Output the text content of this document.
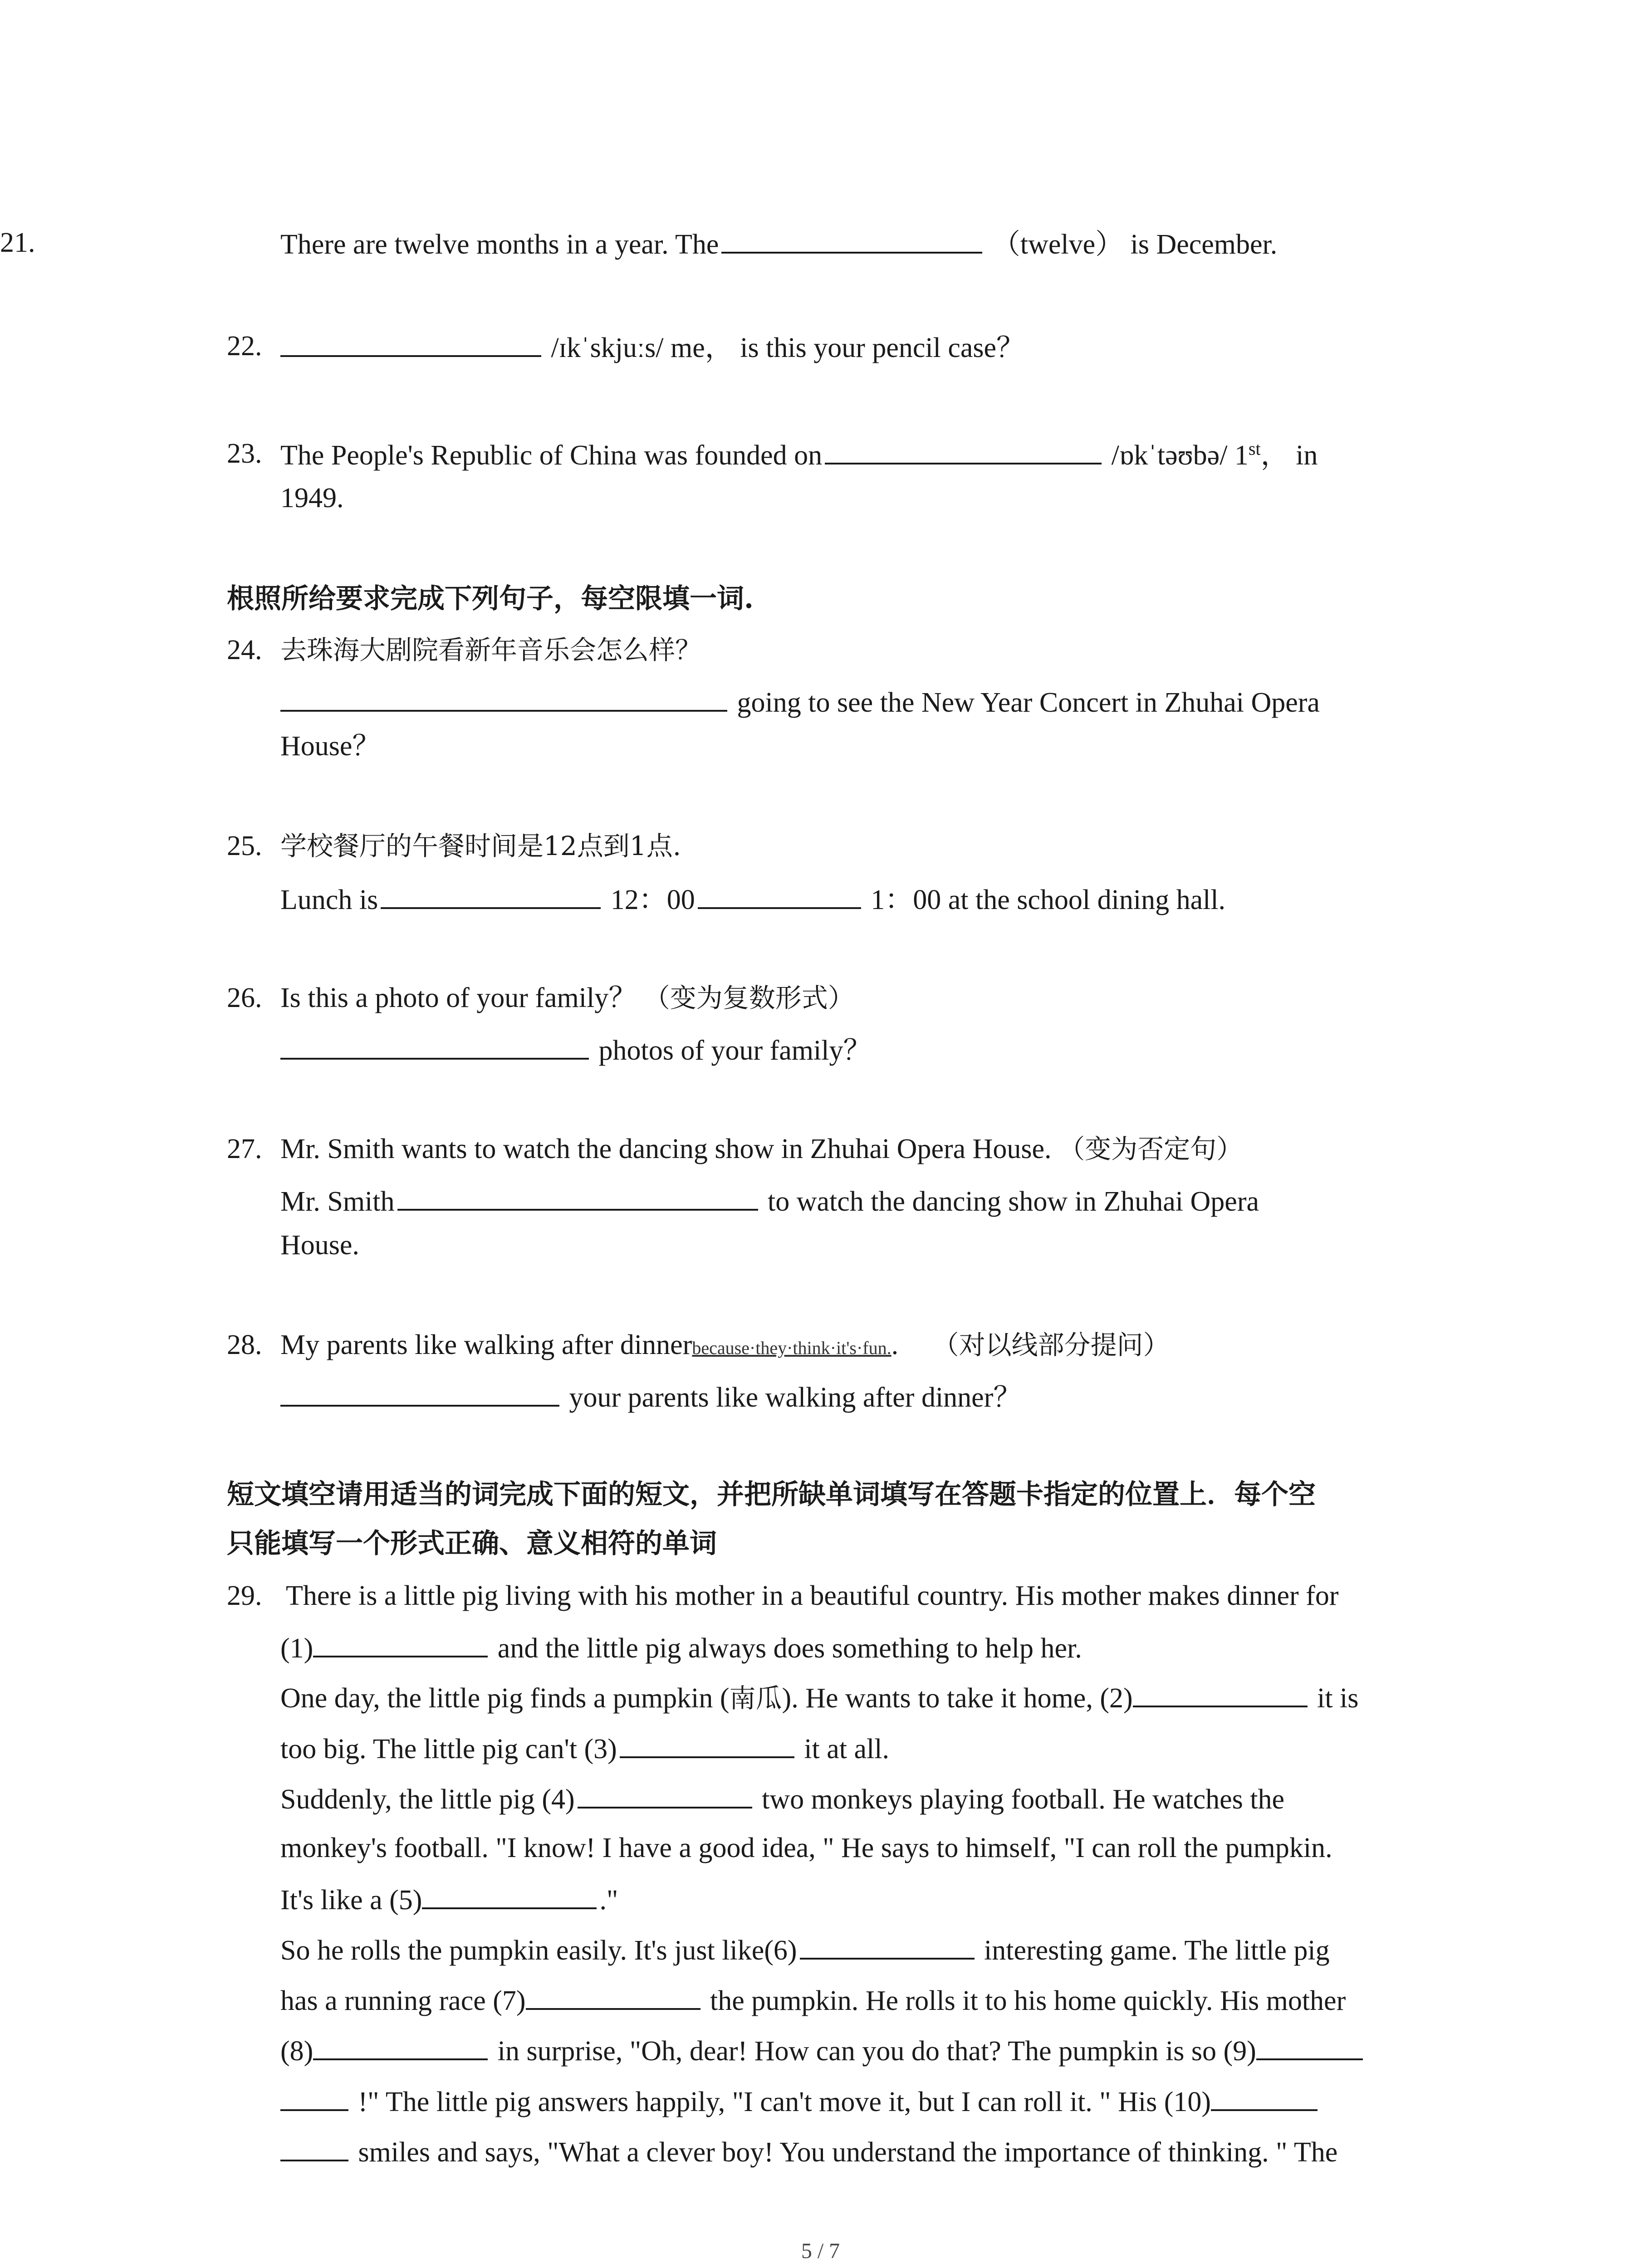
21.	There are twelve months in a year. The	（twelve） is December.
22.	/ɪkˈskjuːs/ me， is this your pencil case？
23. The People's Republic of China was founded on	/ɒkˈtəʊbə/ 1st， in
1949.
根照所给要求完成下列句子，每空限填一词.
24. 去珠海大剧院看新年音乐会怎么样？
going to see the New Year Concert in Zhuhai Opera
House？
25. 学校餐厅的午餐时间是12点到1点.
Lunch is	12：00	1：00 at the school dining hall.
26. Is this a photo of your family？ （变为复数形式）
photos of your family？
27. Mr. Smith wants to watch the dancing show in Zhuhai Opera House. （变为否定句）
Mr. Smith	to watch the dancing show in Zhuhai Opera
House.
28. My parents like walking after dinnerbecause·they·think·it's·fun.. （对以线部分提问）
your parents like walking after dinner？
短文填空请用适当的词完成下面的短文，并把所缺单词填写在答题卡指定的位置上．每个空
只能填写一个形式正确、意义相符的单词
29. There is a little pig living with his mother in a beautiful country. His mother makes dinner for
(1)	and the little pig always does something to help her.
One day, the little pig finds a pumpkin (南瓜). He wants to take it home, (2)	it is
too big. The little pig can't (3)	it at all.
Suddenly, the little pig (4)	two monkeys playing football. He watches the
monkey's football. "I know! I have a good idea, " He says to himself, "I can roll the pumpkin.
It's like a (5)	."
So he rolls the pumpkin easily. It's just like(6)	interesting game. The little pig
has a running race (7)	the pumpkin. He rolls it to his home quickly. His mother
(8)	in surprise, "Oh, dear! How can you do that? The pumpkin is so (9)
!" The little pig answers happily, "I can't move it, but I can roll it. " His (10)
smiles and says, "What a clever boy! You understand the importance of thinking. " The
5 / 7
